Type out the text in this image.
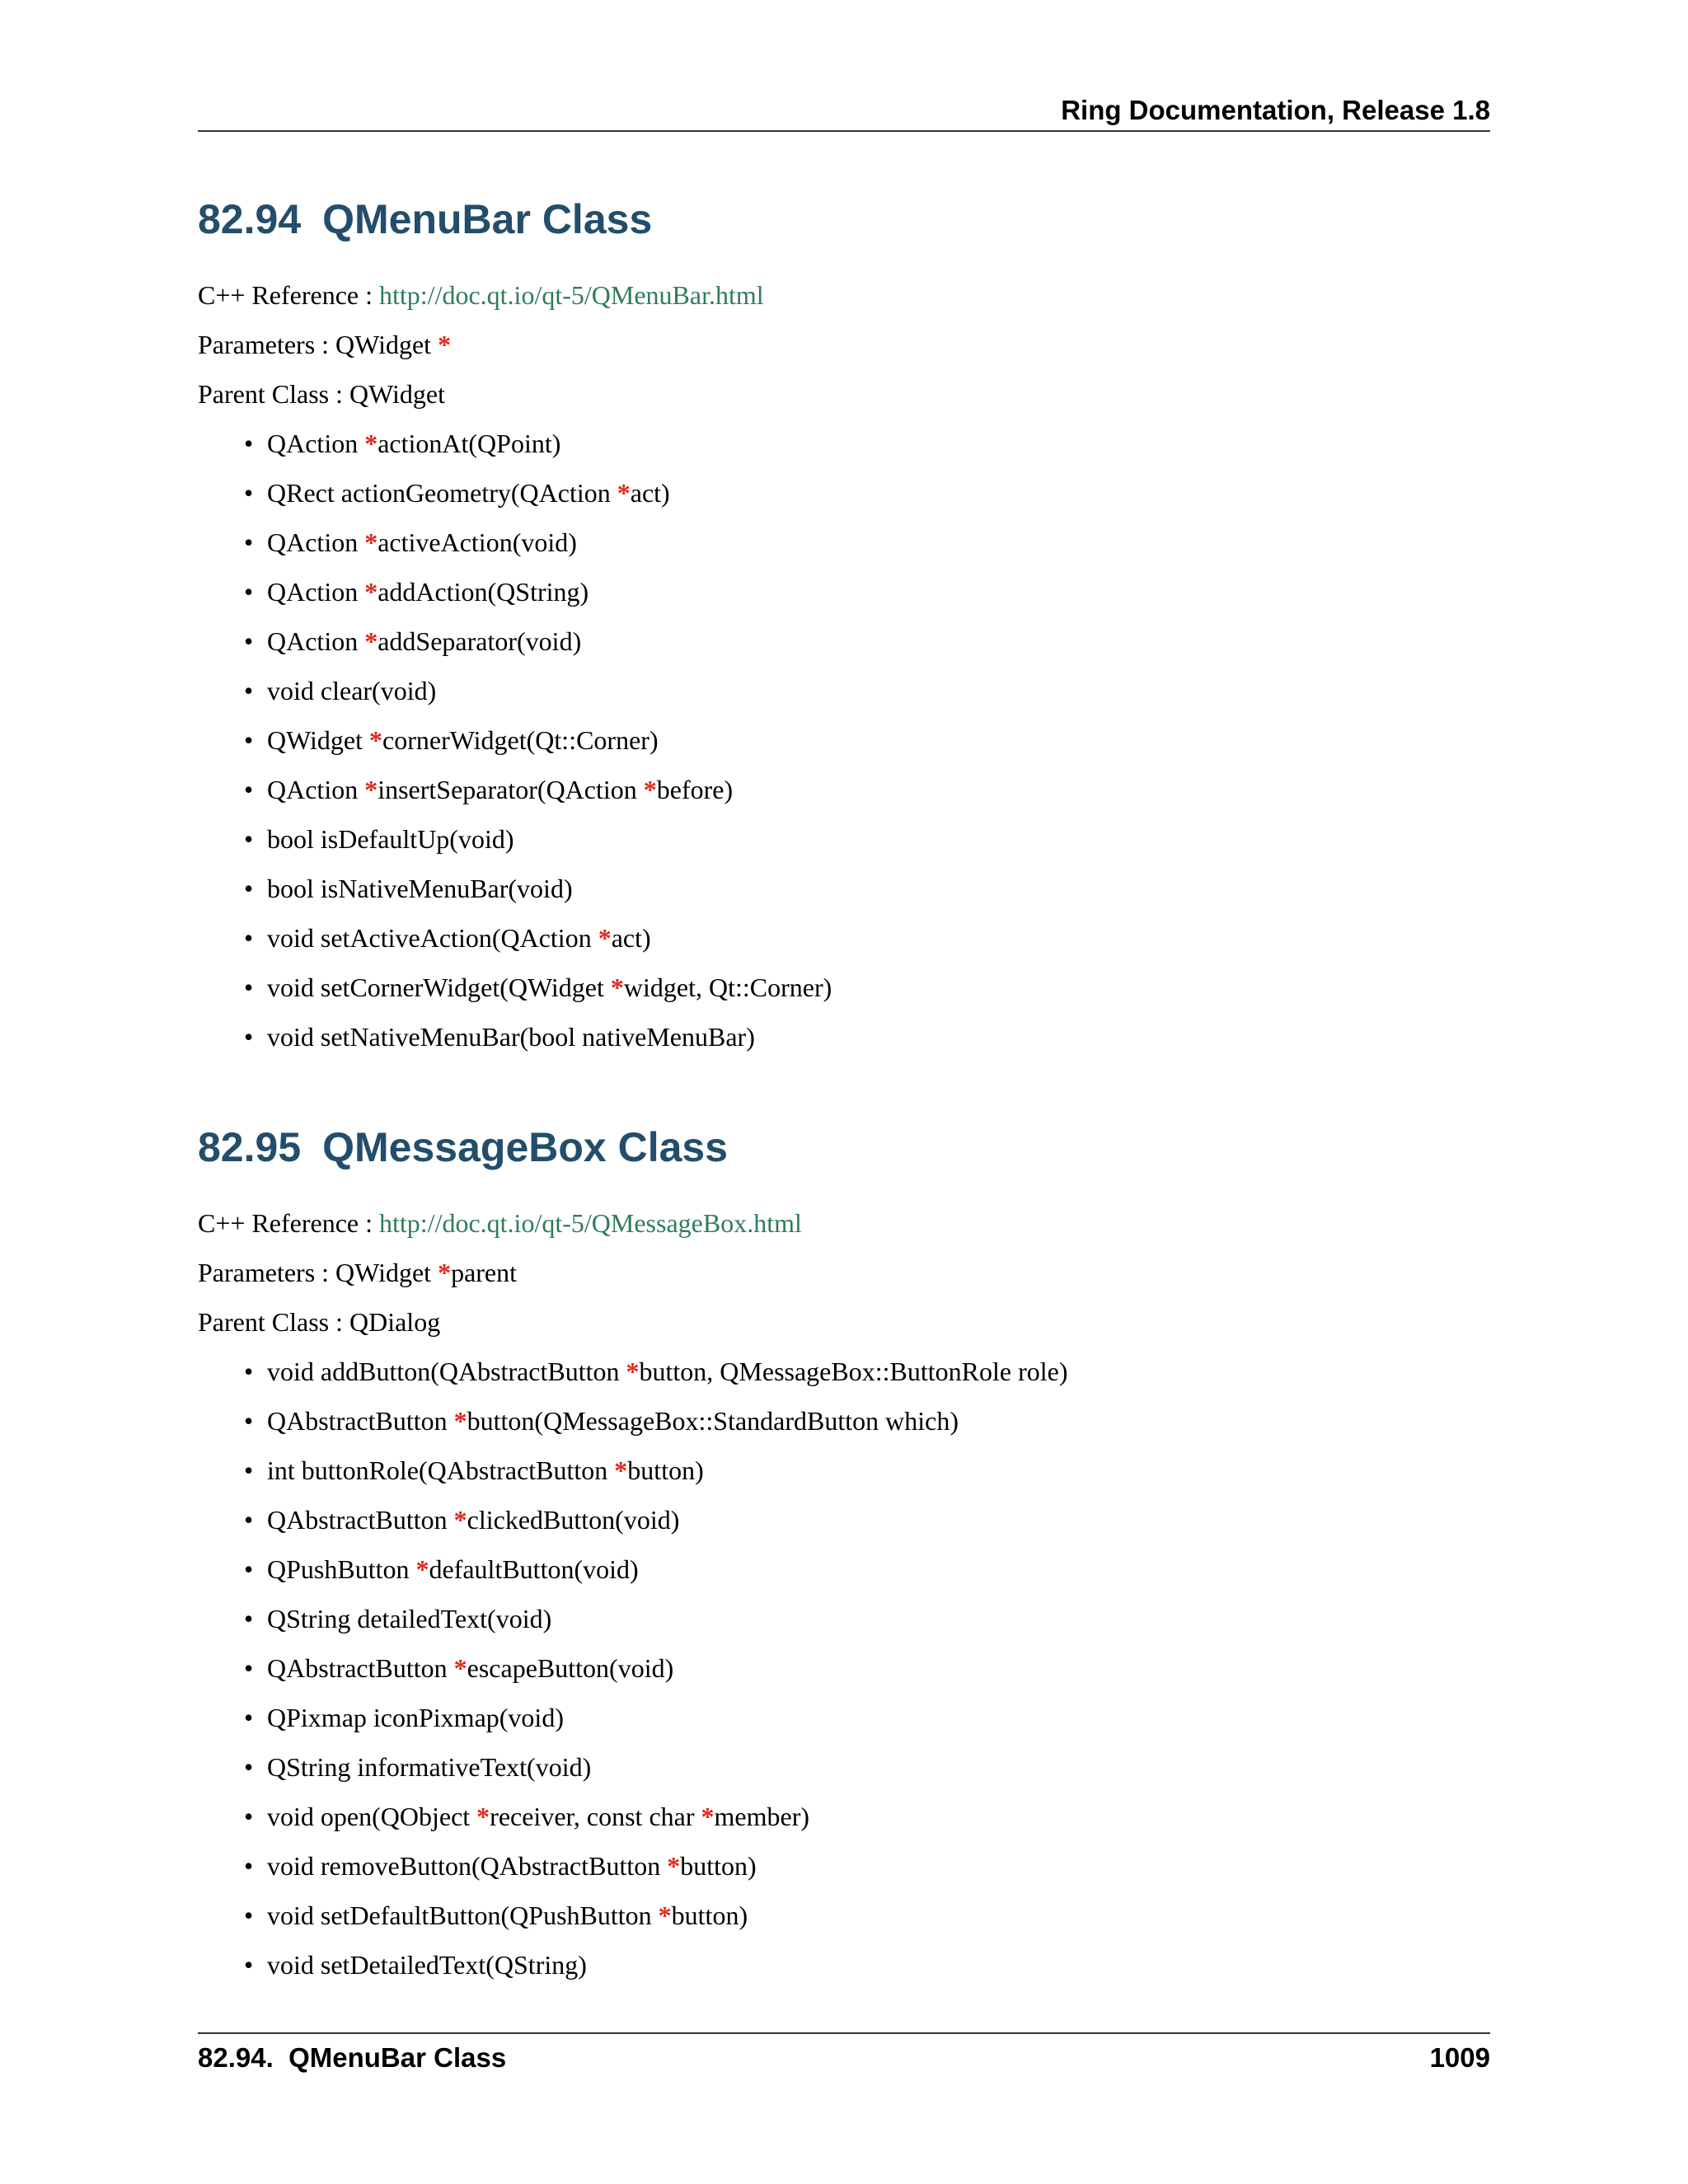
Ring Documentation, Release 1.8
82.94 QMenuBar Class

C++ Reference : http://doc.qt.io/qt-5/QMenuBar.html

Parameters : QWidget *

Parent Class : QWidget

• QAction *actionAt(QPoint)
• QRect actionGeometry(QAction *act)
• QAction *activeAction(void)
• QAction *addAction(QString)
• QAction *addSeparator(void)
• void clear(void)
• QWidget *cornerWidget(Qt::Corner)
• QAction *insertSeparator(QAction *before)
• bool isDefaultUp(void)
• bool isNativeMenuBar(void)
• void setActiveAction(QAction *act)
• void setCornerWidget(QWidget *widget, Qt::Corner)
• void setNativeMenuBar(bool nativeMenuBar)
82.95 QMessageBox Class

C++ Reference : http://doc.qt.io/qt-5/QMessageBox.html

Parameters : QWidget *parent

Parent Class : QDialog

• void addButton(QAbstractButton *button, QMessageBox::ButtonRole role)
• QAbstractButton *button(QMessageBox::StandardButton which)
• int buttonRole(QAbstractButton *button)
• QAbstractButton *clickedButton(void)
• QPushButton *defaultButton(void)
• QString detailedText(void)
• QAbstractButton *escapeButton(void)
• QPixmap iconPixmap(void)
• QString informativeText(void)
• void open(QObject *receiver, const char *member)
• void removeButton(QAbstractButton *button)
• void setDefaultButton(QPushButton *button)
• void setDetailedText(QString)
82.94.  QMenuBar Class	1009
